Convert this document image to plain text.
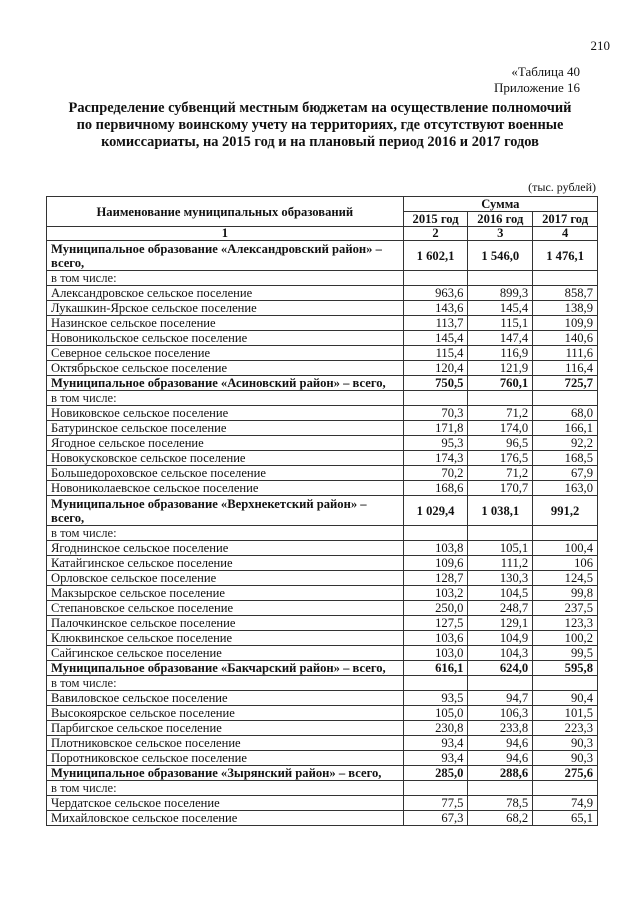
210
«Таблица 40
Приложение 16
Распределение субвенций местным бюджетам на осуществление полномочий
по первичному воинскому учету на территориях, где отсутствуют военные
комиссариаты, на 2015 год и на плановый период 2016 и 2017 годов
(тыс. рублей)
Наименование муниципальных образований	Сумма		
	2015 год	2016 год	2017 год
1	2	3	4
Муниципальное образование «Александровский район» – всего,	1 602,1	1 546,0	1 476,1
в том числе:			
Александровское сельское поселение	963,6	899,3	858,7
Лукашкин-Ярское сельское поселение	143,6	145,4	138,9
Назинское сельское поселение	113,7	115,1	109,9
Новоникольское сельское поселение	145,4	147,4	140,6
Северное сельское поселение	115,4	116,9	111,6
Октябрьское сельское поселение	120,4	121,9	116,4
Муниципальное образование «Асиновский район» – всего,	750,5	760,1	725,7
в том числе:			
Новиковское сельское поселение	70,3	71,2	68,0
Батуринское сельское поселение	171,8	174,0	166,1
Ягодное сельское поселение	95,3	96,5	92,2
Новокусковское сельское поселение	174,3	176,5	168,5
Большедороховское сельское поселение	70,2	71,2	67,9
Новониколаевское сельское поселение	168,6	170,7	163,0
Муниципальное образование «Верхнекетский район» – всего,	1 029,4	1 038,1	991,2
в том числе:			
Ягоднинское сельское поселение	103,8	105,1	100,4
Катайгинское сельское поселение	109,6	111,2	106
Орловское сельское поселение	128,7	130,3	124,5
Макзырское сельское поселение	103,2	104,5	99,8
Степановское сельское поселение	250,0	248,7	237,5
Палочкинское сельское поселение	127,5	129,1	123,3
Клюквинское сельское поселение	103,6	104,9	100,2
Сайгинское сельское поселение	103,0	104,3	99,5
Муниципальное образование «Бакчарский район» – всего,	616,1	624,0	595,8
в том числе:			
Вавиловское сельское поселение	93,5	94,7	90,4
Высокоярское сельское поселение	105,0	106,3	101,5
Парбигское сельское поселение	230,8	233,8	223,3
Плотниковское сельское поселение	93,4	94,6	90,3
Поротниковское сельское поселение	93,4	94,6	90,3
Муниципальное образование «Зырянский район» – всего,	285,0	288,6	275,6
в том числе:			
Чердатское сельское поселение	77,5	78,5	74,9
Михайловское сельское поселение	67,3	68,2	65,1
